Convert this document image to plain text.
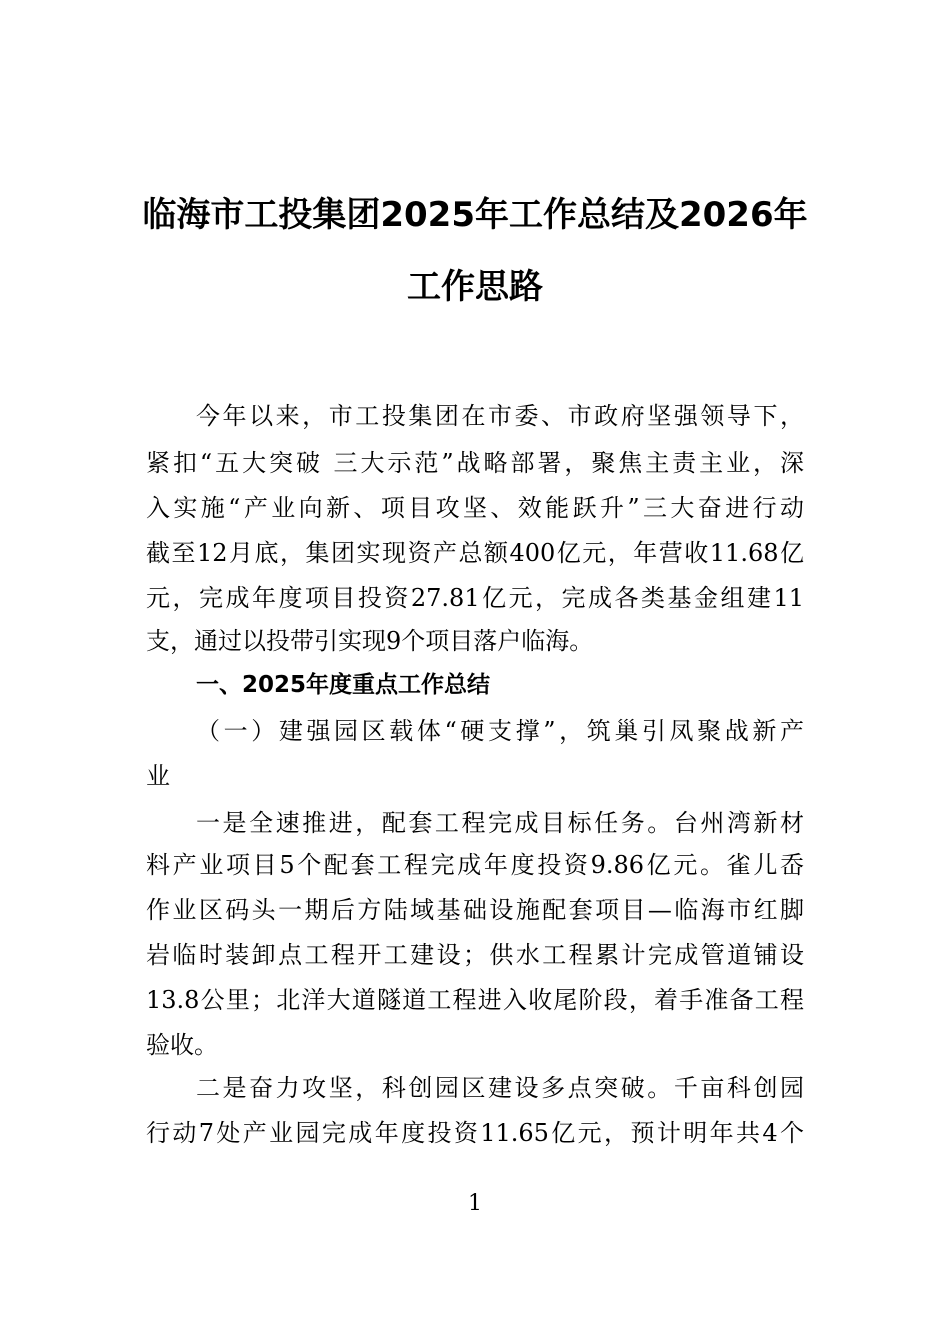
临海市工投集团2025年工作总结及2026年
工作思路
今年以来，市工投集团在市委、市政府坚强领导下，
紧扣“五大突破 三大示范”战略部署，聚焦主责主业，深
入实施“产业向新、项目攻坚、效能跃升”三大奋进行动
截至12月底，集团实现资产总额400亿元，年营收11.68亿
元，完成年度项目投资27.81亿元，完成各类基金组建11
支，通过以投带引实现9个项目落户临海。
一、2025年度重点工作总结
（一）建强园区载体“硬支撑”，筑巢引凤聚战新产
业
一是全速推进，配套工程完成目标任务。台州湾新材
料产业项目5个配套工程完成年度投资9.86亿元。雀儿岙
作业区码头一期后方陆域基础设施配套项目—临海市红脚
岩临时装卸点工程开工建设；供水工程累计完成管道铺设
13.8公里；北洋大道隧道工程进入收尾阶段，着手准备工程
验收。
二是奋力攻坚，科创园区建设多点突破。千亩科创园
行动7处产业园完成年度投资11.65亿元，预计明年共4个
1
